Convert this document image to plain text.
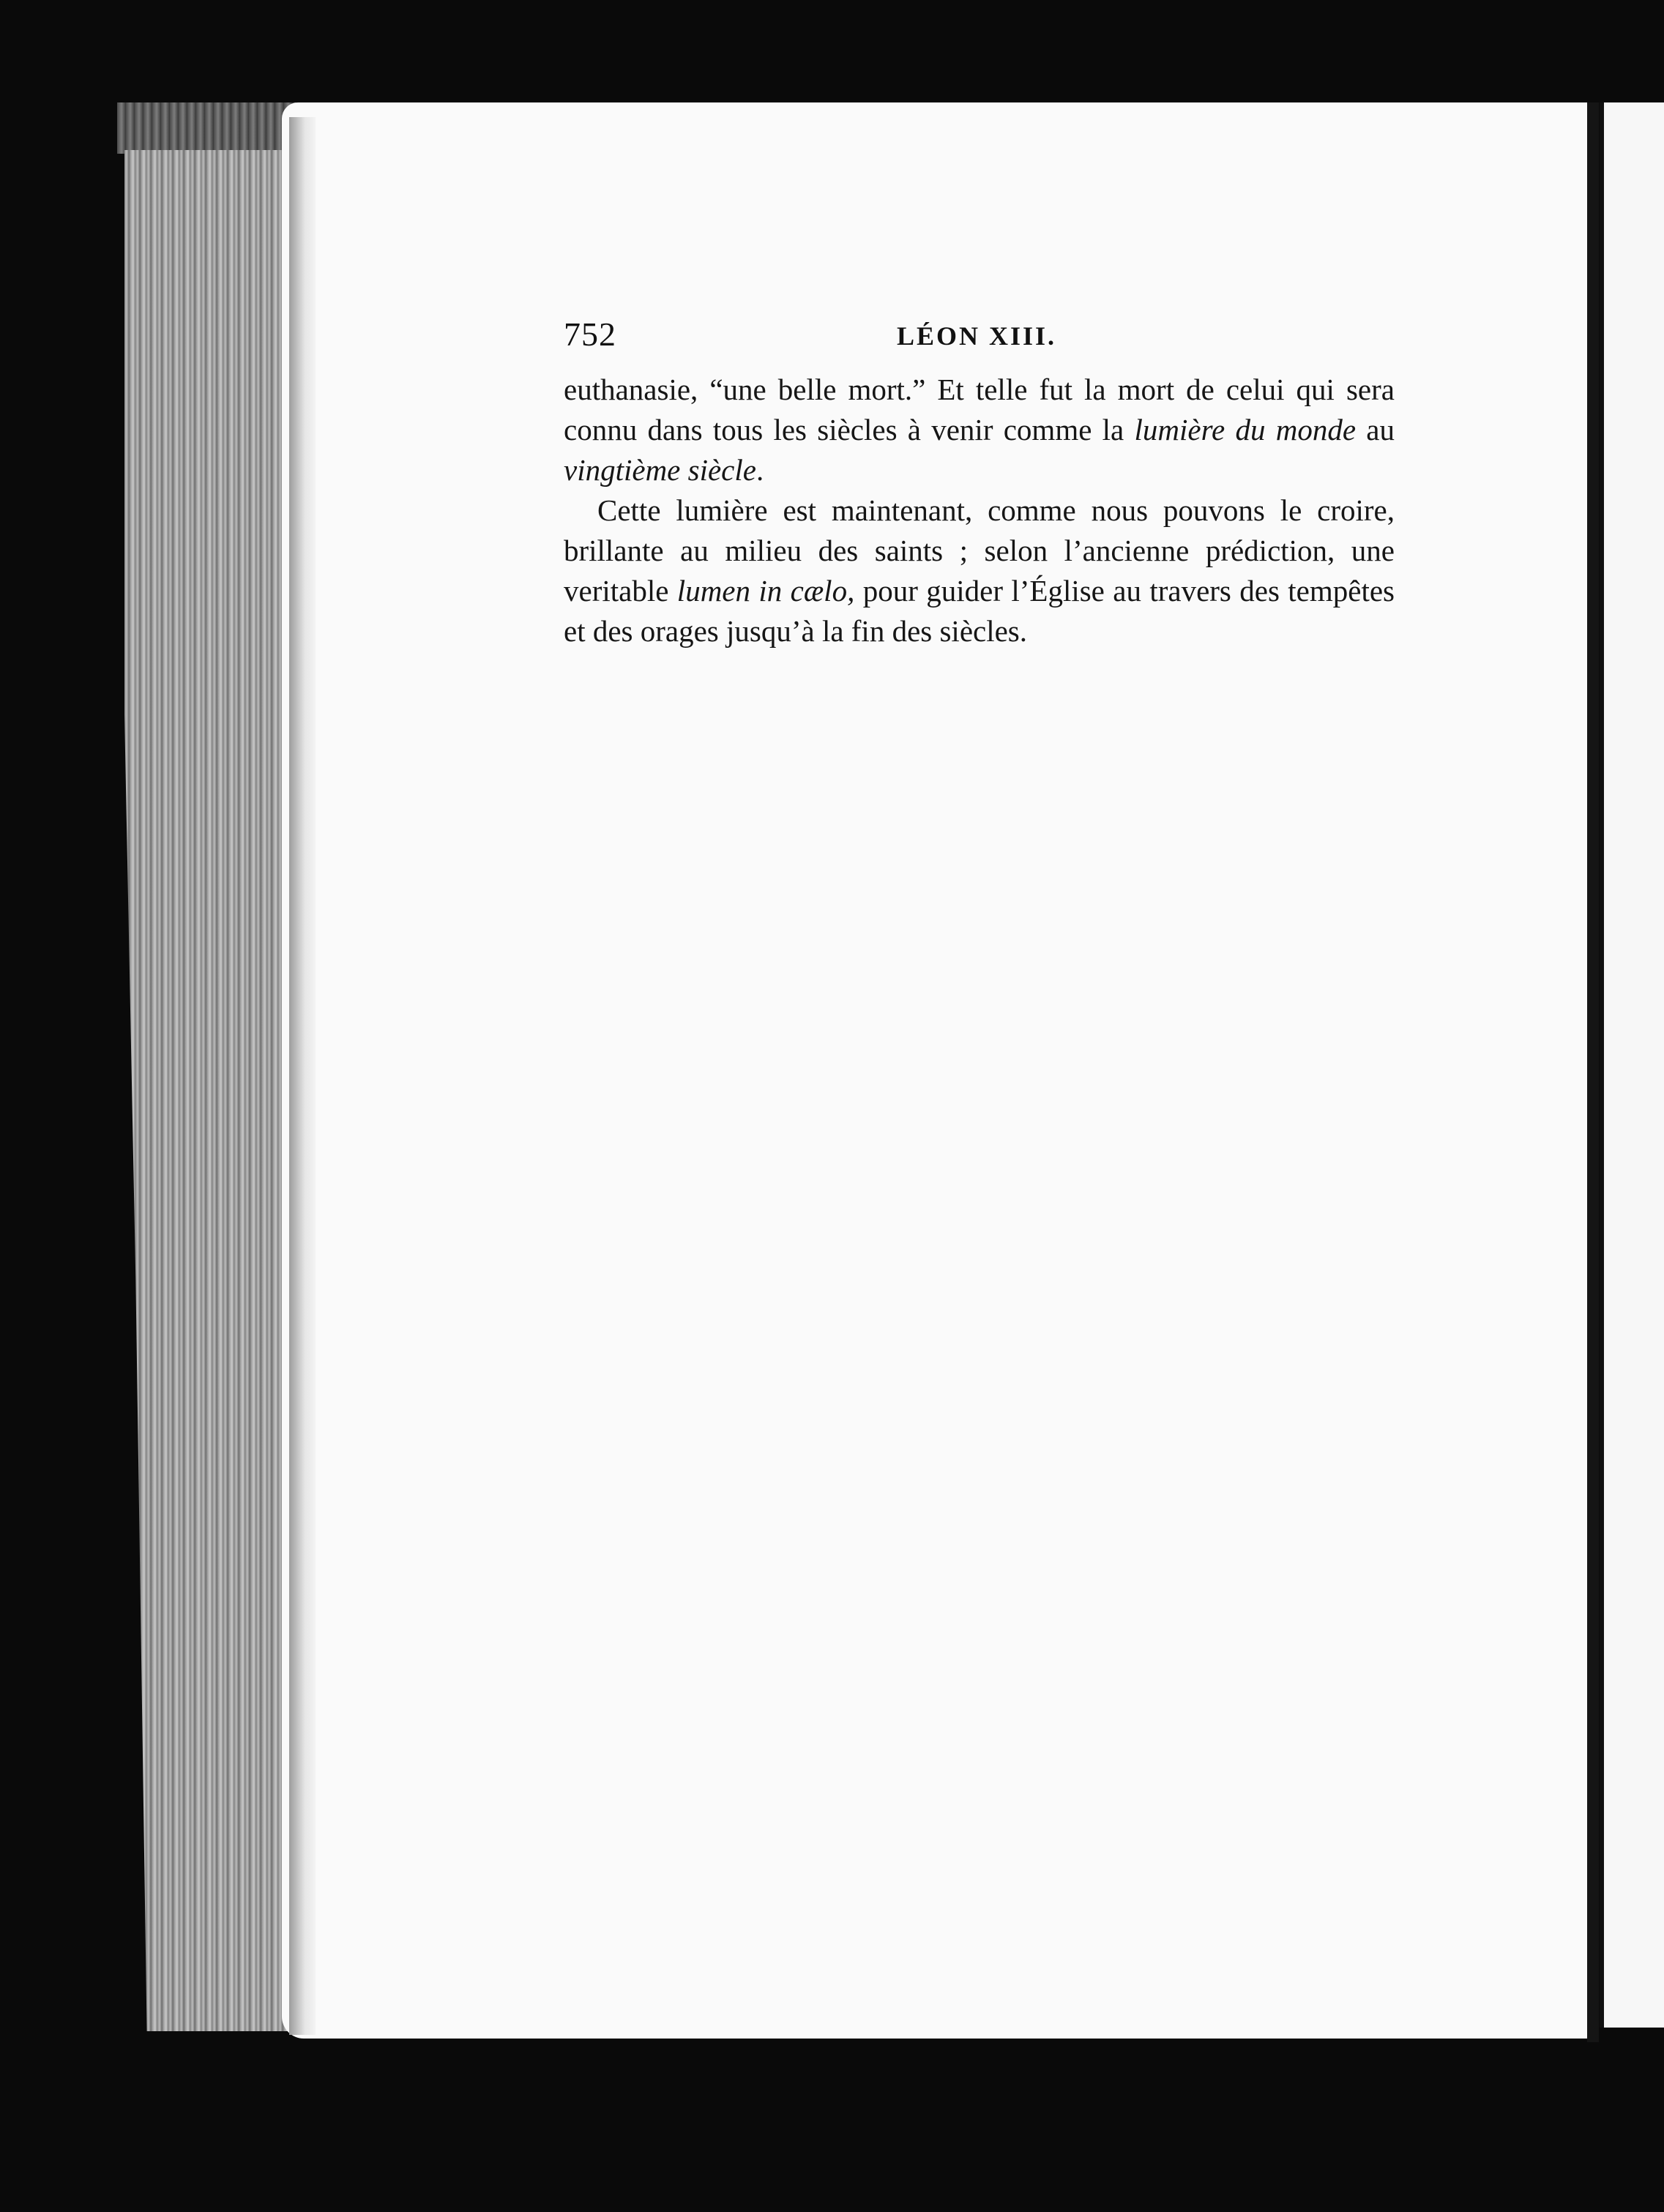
752	LÉON XIII.

euthanasie, “une belle mort.” Et telle fut la mort de celui qui sera connu dans tous les siècles à venir comme la lumière du monde au vingtième siècle.

Cette lumière est maintenant, comme nous pouvons le croire, brillante au milieu des saints ; selon l’ancienne prédiction, une veritable lumen in cælo, pour guider l’Église au travers des tempêtes et des orages jusqu’à la fin des siècles.
